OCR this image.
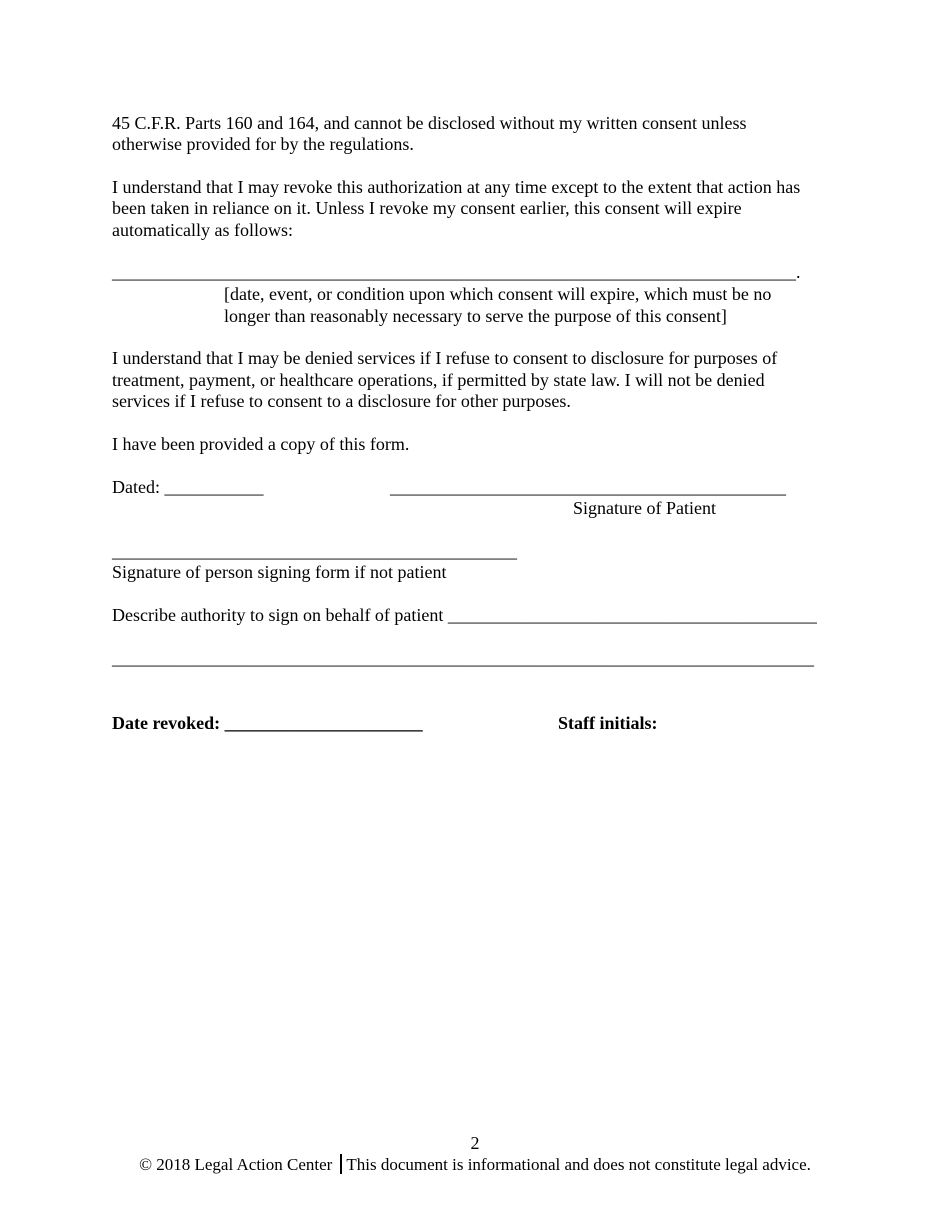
45 C.F.R. Parts 160 and 164, and cannot be disclosed without my written consent unless
otherwise provided for by the regulations.
I understand that I may revoke this authorization at any time except to the extent that action has
been taken in reliance on it. Unless I revoke my consent earlier, this consent will expire
automatically as follows:
____________________________________________________________________________.
[date, event, or condition upon which consent will expire, which must be no
longer than reasonably necessary to serve the purpose of this consent]
I understand that I may be denied services if I refuse to consent to disclosure for purposes of
treatment, payment, or healthcare operations, if permitted by state law. I will not be denied
services if I refuse to consent to a disclosure for other purposes.
I have been provided a copy of this form.
Dated: ___________	____________________________________________
Signature of Patient
_____________________________________________
Signature of person signing form if not patient
Describe authority to sign on behalf of patient _________________________________________
______________________________________________________________________________
Date revoked: ______________________	Staff initials:
2
© 2018 Legal Action Center This document is informational and does not constitute legal advice.
